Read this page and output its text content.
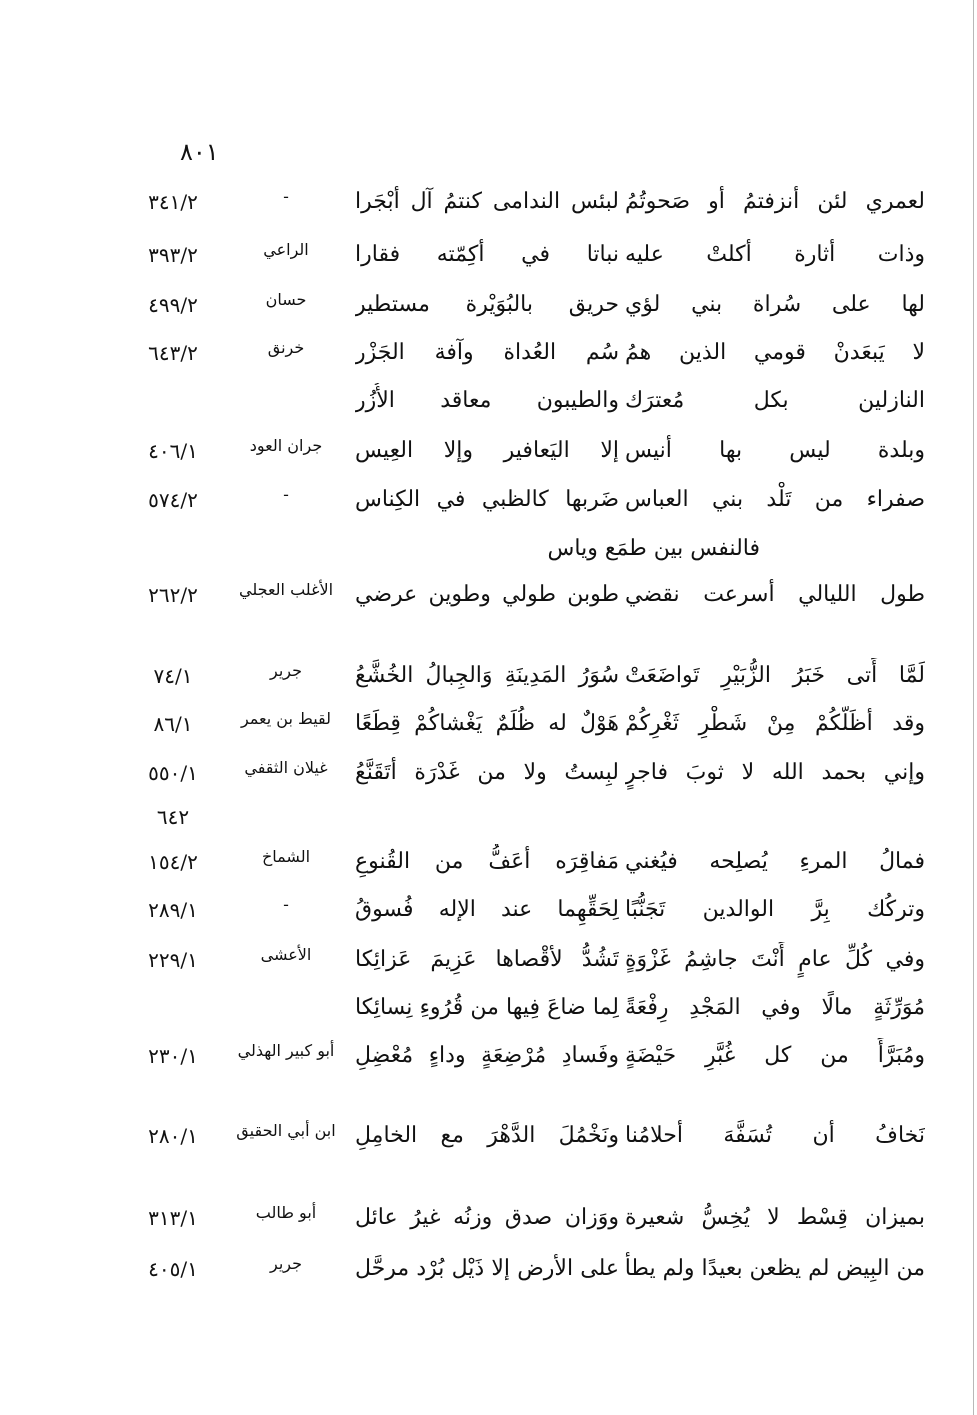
٨٠١
لعمري لئن أنزفتمُ أو صَحوتُمُ
لبئس الندامى كنتمُ آل أبْجَرا
-
٣٤١/٢
وذات أثارة أكلتْ عليه
نباتا في أكِمّته فقارا
الراعي
٣٩٣/٢
لها على سُراة بني لؤي
حريق بالبُوَيْرة مستطير
حسان
٤٩٩/٢
لا يَبعَدنْ قومي الذين همُ
سُم العُداة وآفة الجَزْر
خرنق
٦٤٣/٢
النازلين بكل مُعترَك
والطيبون معاقد الأُزُر
وبلدة ليس بها أنيس
إلا اليَعافير وإلا العِيس
جران العود
٤٠٦/١
صفراء من تَلْد بني العباس
ضَربها كالظبي في الكِناس
-
٥٧٤/٢
فالنفس بين طمَع وياس
طول الليالي أسرعت نقضي
طوبن طولي وطوين عرضي
الأغلب العجلي
٢٦٢/٢
لَمَّا أَتى خَبَرُ الزُّبَيْرِ تَواضَعَتْ
سُوَرُ المَدِينَةِ وَالجِبالُ الخُشَّعُ
جرير
٧٤/١
وقد أظَلَّكُمْ مِنْ شَطْرِ ثَغْرِكُمْ
هَوْلٌ له ظُلَمٌ يَغْشاكُمْ قِطَعًا
لقيط بن يعمر
٨٦/١
وإني بحمد الله لا ثوبَ فاجرٍ
لبِستُ ولا من غَدْرَة أتَقَنَّعُ
غيلان الثقفي
٥٥٠/١
٦٤٢
فمالُ المرءِ يُصلِحه فيُغني
مَفاقِرَه أعَفُّ من القُنوعِ
الشماخ
١٥٤/٢
وتركُك بِرَّ الوالدين تَجَنُّبًا
لِحَقِّهِما عند الإله فُسوقُ
-
٢٨٩/١
وفي كُلِّ عامٍ أَنْتَ جاشِمُ غَزْوَةٍ
تَشُدُّ لأقْصاها عَزِيمَ عَزائِكا
الأعشى
٢٢٩/١
مُوَرِّثَةٍ مالًا وفي المَجْدِ رِفْعَةً
لِما ضاعَ فِيها من قُرُوءِ نِسائِكا
ومُبَرَّأً من كل غُبَّرِ حَيْضَةٍ
وفَسادِ مُرْضِعَةٍ وداءٍ مُعْضِلِ
أبو كبير الهذلي
٢٣٠/١
نَخافُ أن تُسَفَّهَ أحلامُنا
ونَخْمُلَ الدَّهْرَ مع الخامِلِ
ابن أبي الحقيق
٢٨٠/١
بميزان قِسْط لا يُخِسُّ شعيرة
ووَزان صدق وزنُه غيرُ عائل
أبو طالب
٣١٣/١
من البِيض لم يظعن بعيدًا ولم يطأ
على الأرض إلا ذَيْل بُرْد مرحَّل
جرير
٤٠٥/١
